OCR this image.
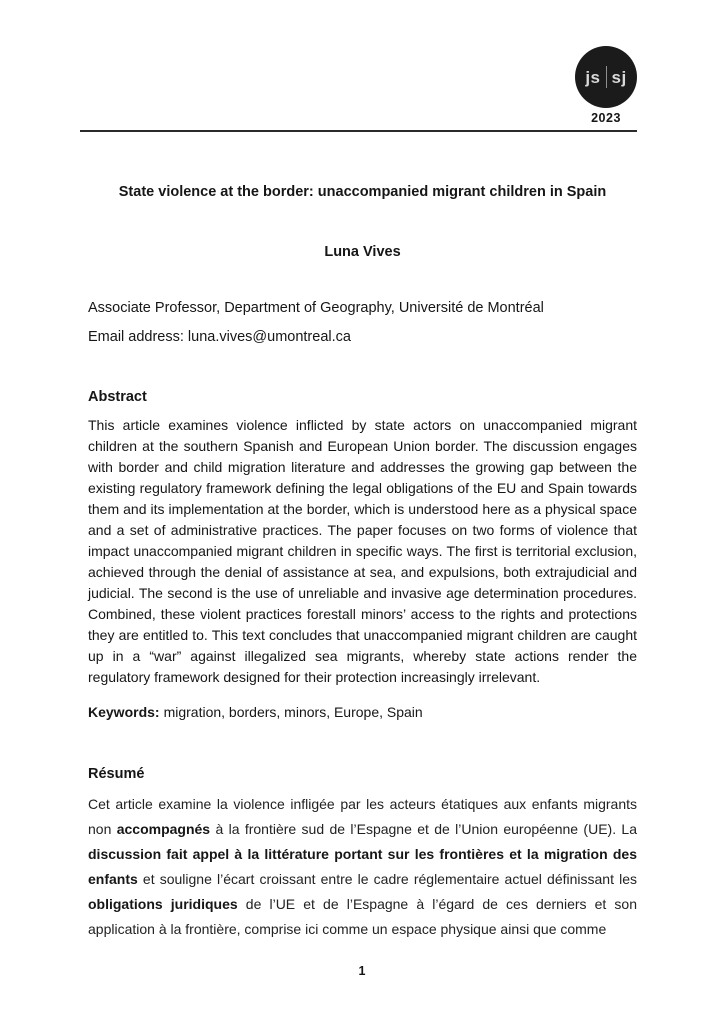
js sj
2023
State violence at the border: unaccompanied migrant children in Spain
Luna Vives
Associate Professor, Department of Geography, Université de Montréal
Email address: luna.vives@umontreal.ca
Abstract

This article examines violence inflicted by state actors on unaccompanied migrant children at the southern Spanish and European Union border. The discussion engages with border and child migration literature and addresses the growing gap between the existing regulatory framework defining the legal obligations of the EU and Spain towards them and its implementation at the border, which is understood here as a physical space and a set of administrative practices. The paper focuses on two forms of violence that impact unaccompanied migrant children in specific ways. The first is territorial exclusion, achieved through the denial of assistance at sea, and expulsions, both extrajudicial and judicial. The second is the use of unreliable and invasive age determination procedures. Combined, these violent practices forestall minors’ access to the rights and protections they are entitled to. This text concludes that unaccompanied migrant children are caught up in a “war” against illegalized sea migrants, whereby state actions render the regulatory framework designed for their protection increasingly irrelevant.

Keywords: migration, borders, minors, Europe, Spain
Résumé

Cet article examine la violence infligée par les acteurs étatiques aux enfants migrants non accompagnés à la frontière sud de l’Espagne et de l’Union européenne (UE). La discussion fait appel à la littérature portant sur les frontières et la migration des enfants et souligne l’écart croissant entre le cadre réglementaire actuel définissant les obligations juridiques de l’UE et de l’Espagne à l’égard de ces derniers et son application à la frontière, comprise ici comme un espace physique ainsi que comme

1
